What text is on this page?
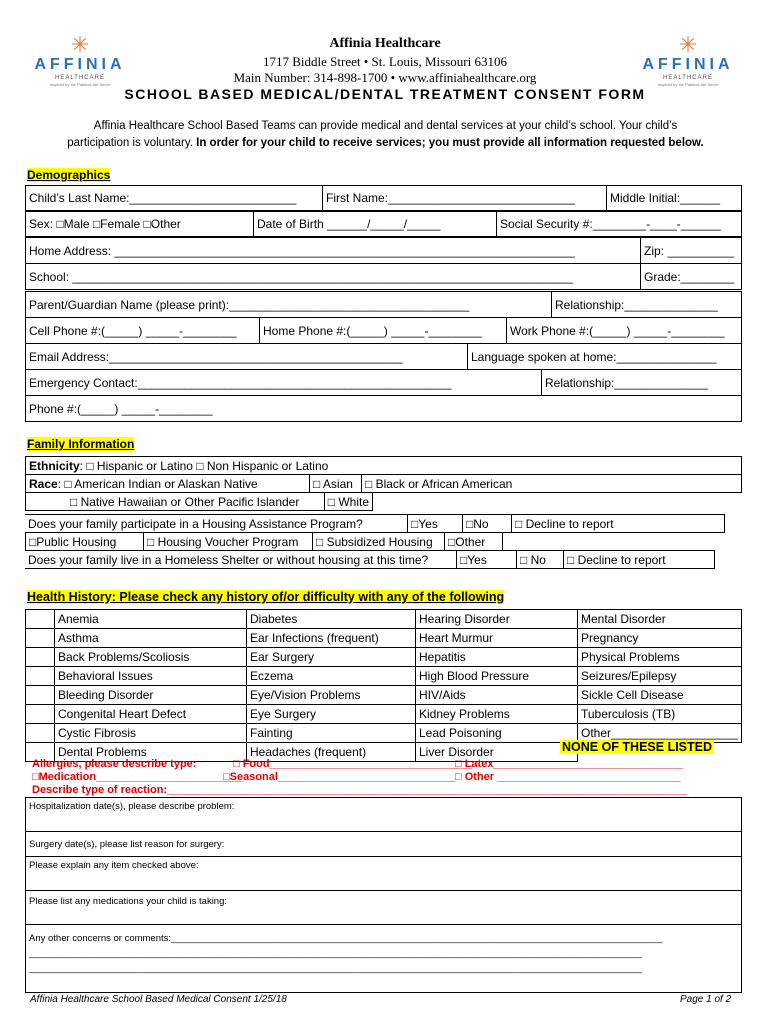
✳
AFFINIA
HEALTHCARE
Inspired by the Patients We Serve
✳
AFFINIA
HEALTHCARE
Inspired by the Patients We Serve
Affinia Healthcare
1717 Biddle Street • St. Louis, Missouri 63106
Main Number: 314-898-1700 • www.affiniahealthcare.org
SCHOOL BASED MEDICAL/DENTAL TREATMENT CONSENT FORM
Affinia Healthcare School Based Teams can provide medical and dental services at your child’s school. Your child’s
participation is voluntary. In order for your child to receive services; you must provide all information requested below.
Demographics
Child’s Last Name:_________________________	First Name:____________________________	Middle Initial:______
Sex: □Male □Female □Other	Date of Birth ______/_____/_____	Social Security #:________-____-______
Home Address: _____________________________________________________________________	Zip: __________
School: ___________________________________________________________________________	Grade:________
Parent/Guardian Name (please print):____________________________________	Relationship:______________
Cell Phone #:(_____) _____-________	Home Phone #:(_____) _____-________	Work Phone #:(_____) _____-________
Email Address:____________________________________________	Language spoken at home:_______________
Emergency Contact:_______________________________________________	Relationship:______________
Phone #:(_____) _____-________
Family Information
Ethnicity: □ Hispanic or Latino □ Non Hispanic or Latino
Race: □ American Indian or Alaskan Native	□ Asian	□ Black or African American
□ Native Hawaiian or Other Pacific Islander	□ White
Does your family participate in a Housing Assistance Program?	□Yes	□No	□ Decline to report
□Public Housing	□ Housing Voucher Program	□ Subsidized Housing	□Other
Does your family live in a Homeless Shelter or without housing at this time?	□Yes	□ No	□ Decline to report
Health History: Please check any history of/or difficulty with any of the following
	Anemia	Diabetes	Hearing Disorder	Mental Disorder
	Asthma	Ear Infections (frequent)	Heart Murmur	Pregnancy
	Back Problems/Scoliosis	Ear Surgery	Hepatitis	Physical Problems
	Behavioral Issues	Eczema	High Blood Pressure	Seizures/Epilepsy
	Bleeding Disorder	Eye/Vision Problems	HIV/Aids	Sickle Cell Disease
	Congenital Heart Defect	Eye Surgery	Kidney Problems	Tuberculosis (TB)
	Cystic Fibrosis	Fainting	Lead Poisoning	Other___________________
	Dental Problems	Headaches (frequent)	Liver Disorder		NONE OF THESE LISTED
Allergies, please describe type:	□ Food_________________________________
□ Latex_______________________________
□Medication________________________
□Seasonal_____________________________ □ Other ______________________________
Describe type of reaction:_____________________________________________________________________________________
Hospitalization date(s), please describe problem:
Surgery date(s), please list reason for surgery:
Please explain any item checked above:
Please list any medications your child is taking:

Any other concerns or comments:_____________________________________________________________________________________________
____________________________________________________________________________________________________________________
____________________________________________________________________________________________________________________
Affinia Healthcare School Based Medical Consent 1/25/18	Page 1 of 2
